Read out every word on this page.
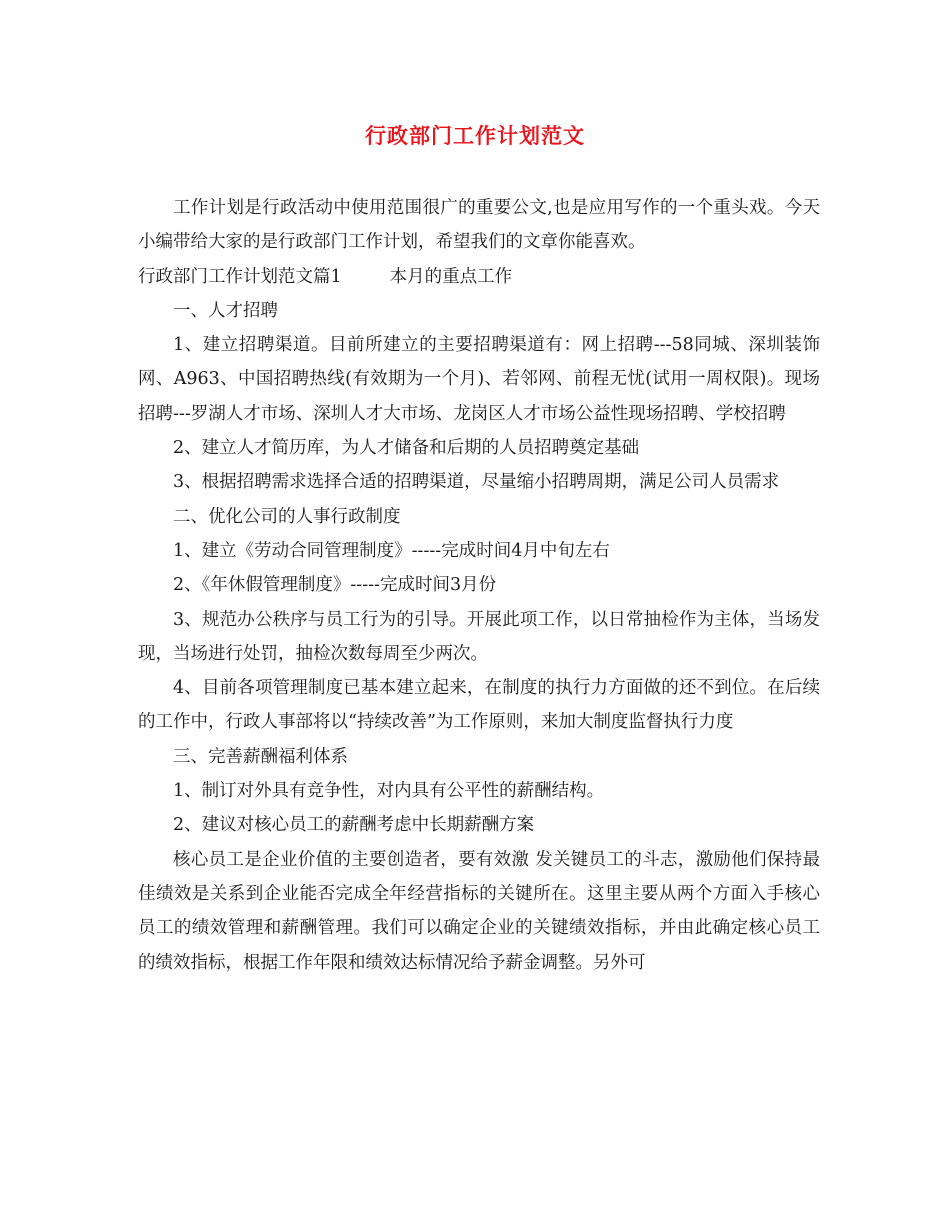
行政部门工作计划范文

工作计划是行政活动中使用范围很广的重要公文,也是应用写作的一个重头戏。今天小编带给大家的是行政部门工作计划，希望我们的文章你能喜欢。

行政部门工作计划范文篇1	本月的重点工作

一、人才招聘

1、建立招聘渠道。目前所建立的主要招聘渠道有：网上招聘---58同城、深圳装饰网、A963、中国招聘热线(有效期为一个月)、若邻网、前程无忧(试用一周权限)。现场招聘---罗湖人才市场、深圳人才大市场、龙岗区人才市场公益性现场招聘、学校招聘

2、建立人才简历库，为人才储备和后期的人员招聘奠定基础

3、根据招聘需求选择合适的招聘渠道，尽量缩小招聘周期，满足公司人员需求

二、优化公司的人事行政制度

1、建立《劳动合同管理制度》-----完成时间4月中旬左右

2、《年休假管理制度》-----完成时间3月份

3、规范办公秩序与员工行为的引导。开展此项工作，以日常抽检作为主体，当场发现，当场进行处罚，抽检次数每周至少两次。

4、目前各项管理制度已基本建立起来，在制度的执行力方面做的还不到位。在后续的工作中，行政人事部将以“持续改善”为工作原则，来加大制度监督执行力度

三、完善薪酬福利体系

1、制订对外具有竞争性，对内具有公平性的薪酬结构。

2、建议对核心员工的薪酬考虑中长期薪酬方案

核心员工是企业价值的主要创造者，要有效激 发关键员工的斗志，激励他们保持最佳绩效是关系到企业能否完成全年经营指标的关键所在。这里主要从两个方面入手核心员工的绩效管理和薪酬管理。我们可以确定企业的关键绩效指标，并由此确定核心员工的绩效指标，根据工作年限和绩效达标情况给予薪金调整。另外可
